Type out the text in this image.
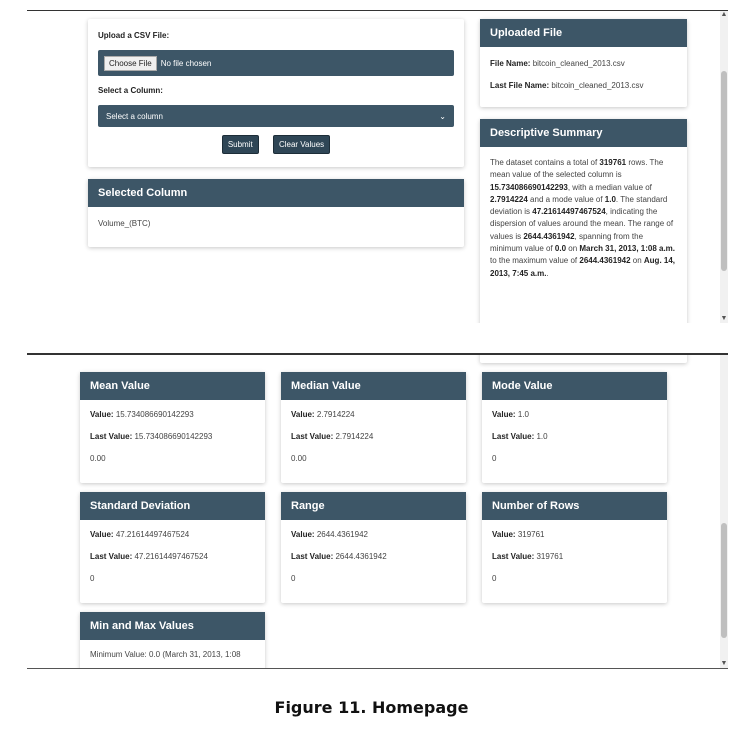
Upload a CSV File:
Choose File	No file chosen
Select a Column:
Select a column	⌄
Submit	Clear Values
Selected Column
Volume_(BTC)
Uploaded File
File Name: bitcoin_cleaned_2013.csv
Last File Name: bitcoin_cleaned_2013.csv
Descriptive Summary
The dataset contains a total of 319761 rows. The mean value of the selected column is 15.734086690142293, with a median value of 2.7914224 and a mode value of 1.0. The standard deviation is 47.21614497467524, indicating the dispersion of values around the mean. The range of values is 2644.4361942, spanning from the minimum value of 0.0 on March 31, 2013, 1:08 a.m. to the maximum value of 2644.4361942 on Aug. 14, 2013, 7:45 a.m..
▲
▼
Mean Value
Value: 15.734086690142293
Last Value: 15.734086690142293
0.00
Median Value
Value: 2.7914224
Last Value: 2.7914224
0.00
Mode Value
Value: 1.0
Last Value: 1.0
0
Standard Deviation
Value: 47.21614497467524
Last Value: 47.21614497467524
0
Range
Value: 2644.4361942
Last Value: 2644.4361942
0
Number of Rows
Value: 319761
Last Value: 319761
0
Min and Max Values
Minimum Value: 0.0 (March 31, 2013, 1:08
▼
Figure 11. Homepage
